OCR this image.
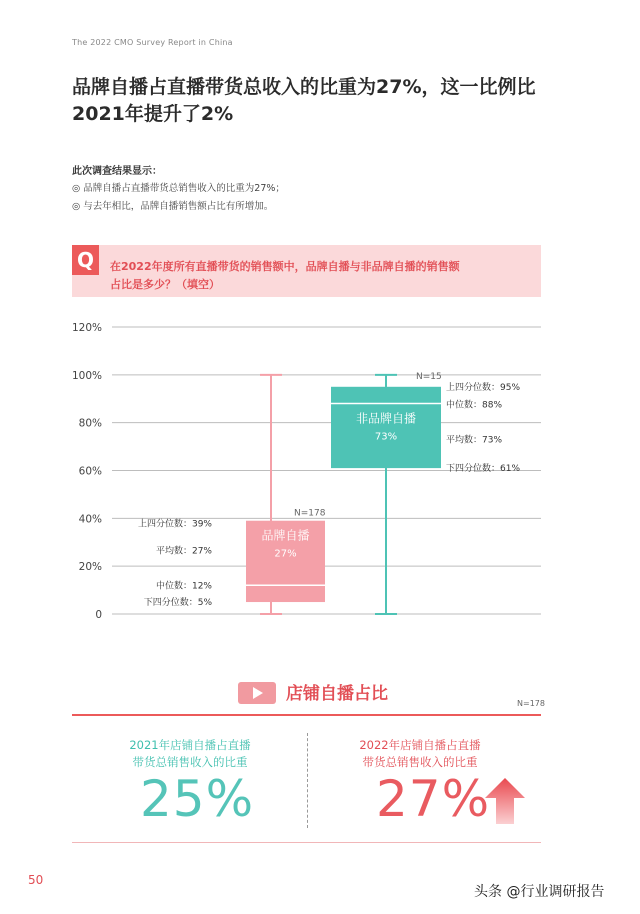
The 2022 CMO Survey Report in China
品牌自播占直播带货总收入的比重为27%，这一比例比
2021年提升了2%
此次调查结果显示：
◎ 品牌自播占直播带货总销售收入的比重为27%；
◎ 与去年相比，品牌自播销售额占比有所增加。
Q	在2022年度所有直播带货的销售额中，品牌自播与非品牌自播的销售额
占比是多少？（填空）
120%
100%
80%
60%
40%
20%
0
品牌自播
27%
N=178
上四分位数：39%
平均数：27%
中位数：12%
下四分位数：5%
非品牌自播
73%
N=15
上四分位数：95%
中位数：88%
平均数：73%
下四分位数：61%
店铺自播占比	N=178
2021年店铺自播占直播
带货总销售收入的比重
25%
2022年店铺自播占直播
带货总销售收入的比重
27%
50
头条 @行业调研报告
